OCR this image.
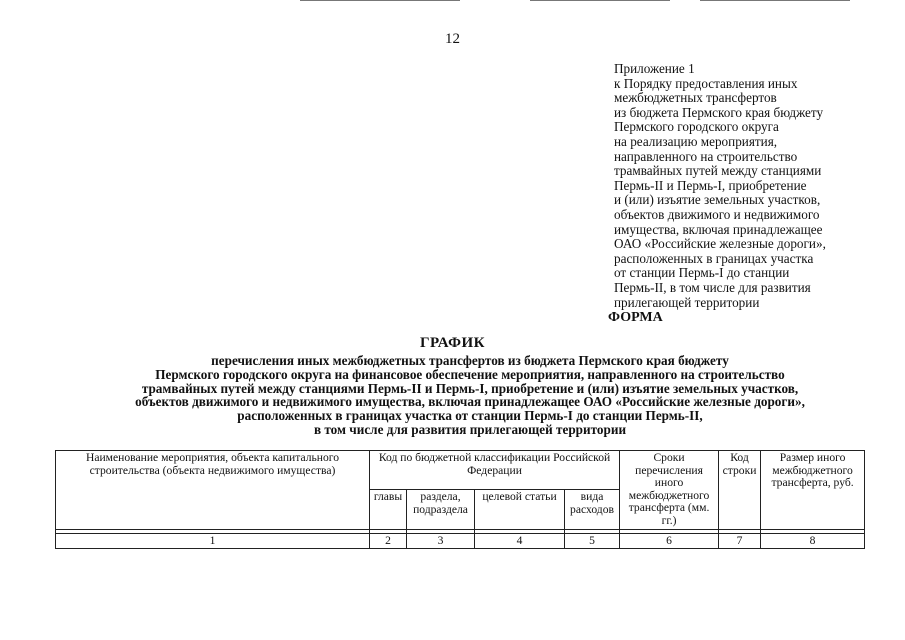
12
Приложение 1
к Порядку предоставления иных
межбюджетных трансфертов
из бюджета Пермского края бюджету
Пермского городского округа
на реализацию мероприятия,
направленного на строительство
трамвайных путей между станциями
Пермь-II и Пермь-I, приобретение
и (или) изъятие земельных участков,
объектов движимого и недвижимого
имущества, включая принадлежащее
ОАО «Российские железные дороги»,
расположенных в границах участка
от станции Пермь-I до станции
Пермь-II, в том числе для развития
прилегающей территории
ФОРМА
ГРАФИК
перечисления иных межбюджетных трансфертов из бюджета Пермского края бюджету
Пермского городского округа на финансовое обеспечение мероприятия, направленного на строительство
трамвайных путей между станциями Пермь-II и Пермь-I, приобретение и (или) изъятие земельных участков,
объектов движимого и недвижимого имущества, включая принадлежащее ОАО «Российские железные дороги»,
расположенных в границах участка от станции Пермь-I до станции Пермь-II,
в том числе для развития прилегающей территории
Наименование мероприятия, объекта капитального строительства (объекта недвижимого имущества)	Код по бюджетной классификации Российской Федерации				Сроки перечисления иного межбюджетного трансферта (мм. гг.)	Код строки	Размер иного межбюджетного трансферта, руб.
	главы	раздела, подраздела	целевой статьи	вида расходов			

1	2	3	4	5	6	7	8
